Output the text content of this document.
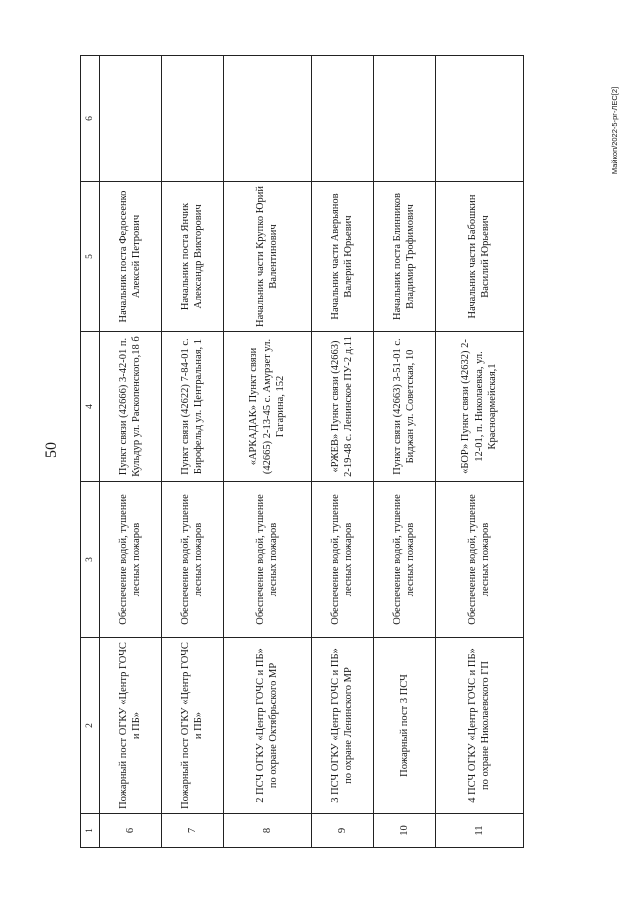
50
Майкоп/2022-5-рг-ЛЕС[2]
1	2	3	4	5	6
6	Пожарный пост ОГКУ «Центр ГОЧС и ПБ»	Обеспечение водой, тушение лесных пожаров	Пункт связи (42666) 3-42-01 п. Кульдур ул. Раскопенского,18 б	Начальник поста Федосеенко Алексей Петрович	
7	Пожарный пост ОГКУ «Центр ГОЧС и ПБ»	Обеспечение водой, тушение лесных пожаров	Пункт связи (42622) 7-84-01 с. Бирофельд ул. Центральная, 1	Начальник поста Янчик Александр Викторович	
8	2 ПСЧ ОГКУ «Центр ГОЧС и ПБ» по охране Октябрьского МР	Обеспечение водой, тушение лесных пожаров	«АРКАДАК» Пункт связи (42665) 2-13-45 с. Амурзет ул. Гагарина, 152	Начальник части Крупко Юрий Валентинович	
9	3 ПСЧ ОГКУ «Центр ГОЧС и ПБ» по охране Ленинского МР	Обеспечение водой, тушение лесных пожаров	«РЖЕВ» Пункт связи (42663) 2-19-48 с. Ленинское ПУ-2 д.11	Начальник части Аверьянов Валерий Юрьевич	
10	Пожарный пост 3 ПСЧ	Обеспечение водой, тушение лесных пожаров	Пункт связи (42663) 3-51-01 с. Биджан ул. Советская, 10	Начальник поста Блинников Владимир Трофимович	
11	4 ПСЧ ОГКУ «Центр ГОЧС и ПБ» по охране Николаевского ГП	Обеспечение водой, тушение лесных пожаров	«БОР» Пункт связи (42632) 2-12-01, п. Николаевка, ул. Красноармейская,1	Начальник части Бабошкин Василий Юрьевич	
